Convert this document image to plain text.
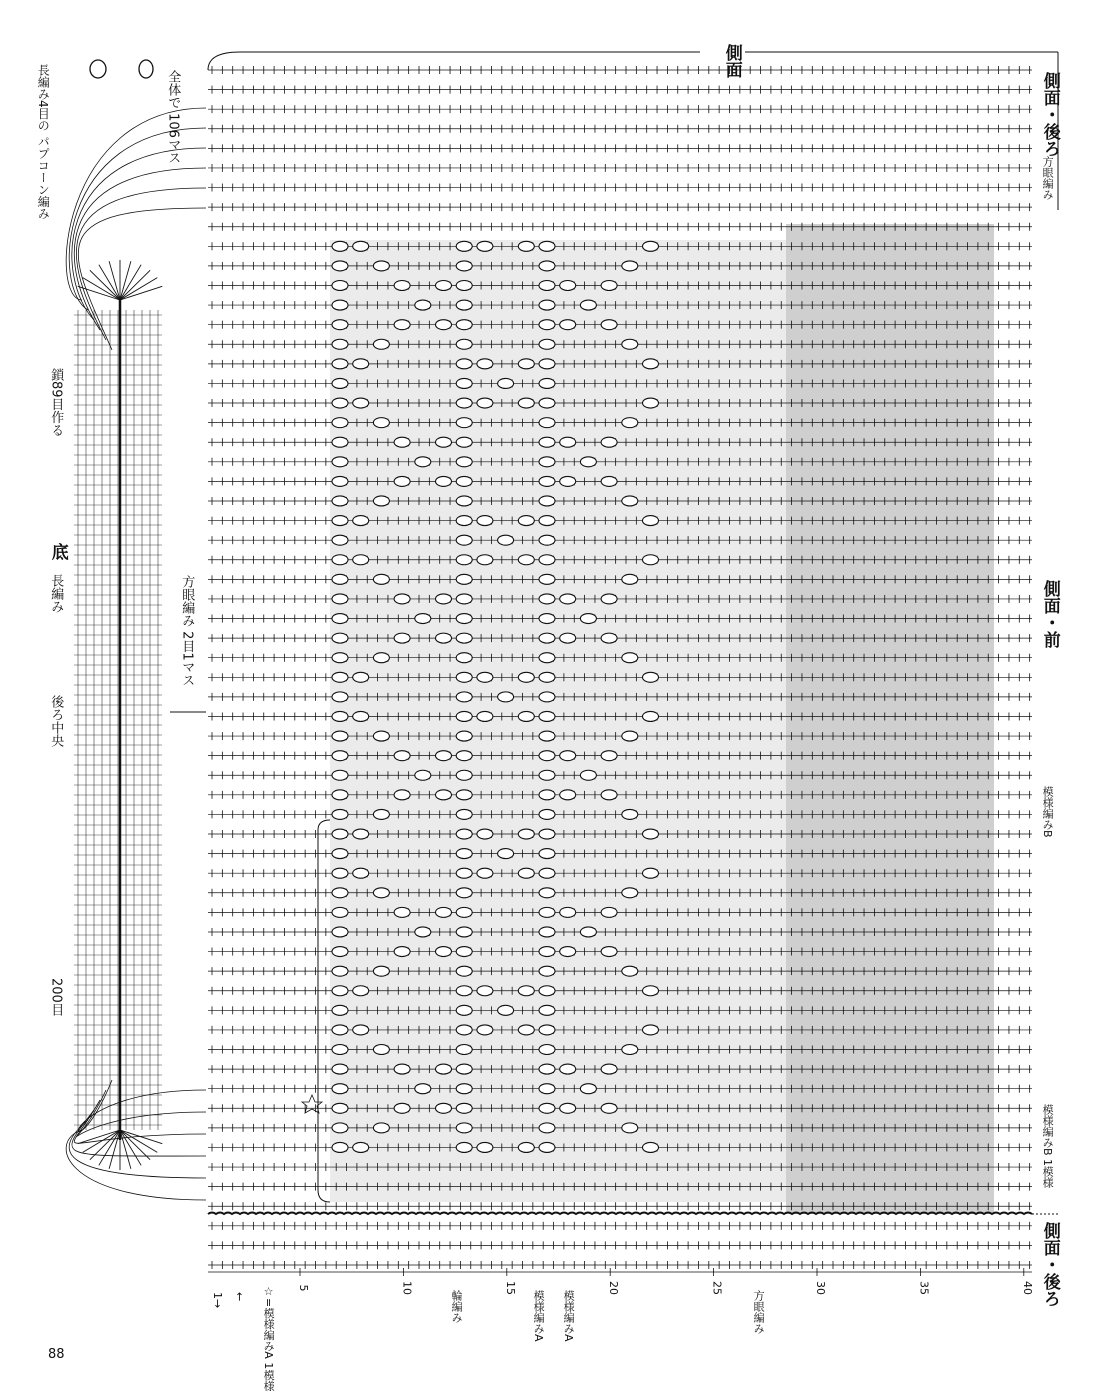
5	10	15	20	25	30	35	40
側面
側面・後ろ
方眼編み
側面・前
模様編みB
模様編みB 1模様
側面・後ろ
底
長編み
鎖89目作る
後ろ中央
200目
方眼編み 2目1マス
全体で 106マス
長編み4目の パプコーン編み
方眼編み
模様編みA
模様編みA
輪編み
☆=模様編みA 1模様
←
1→
88
